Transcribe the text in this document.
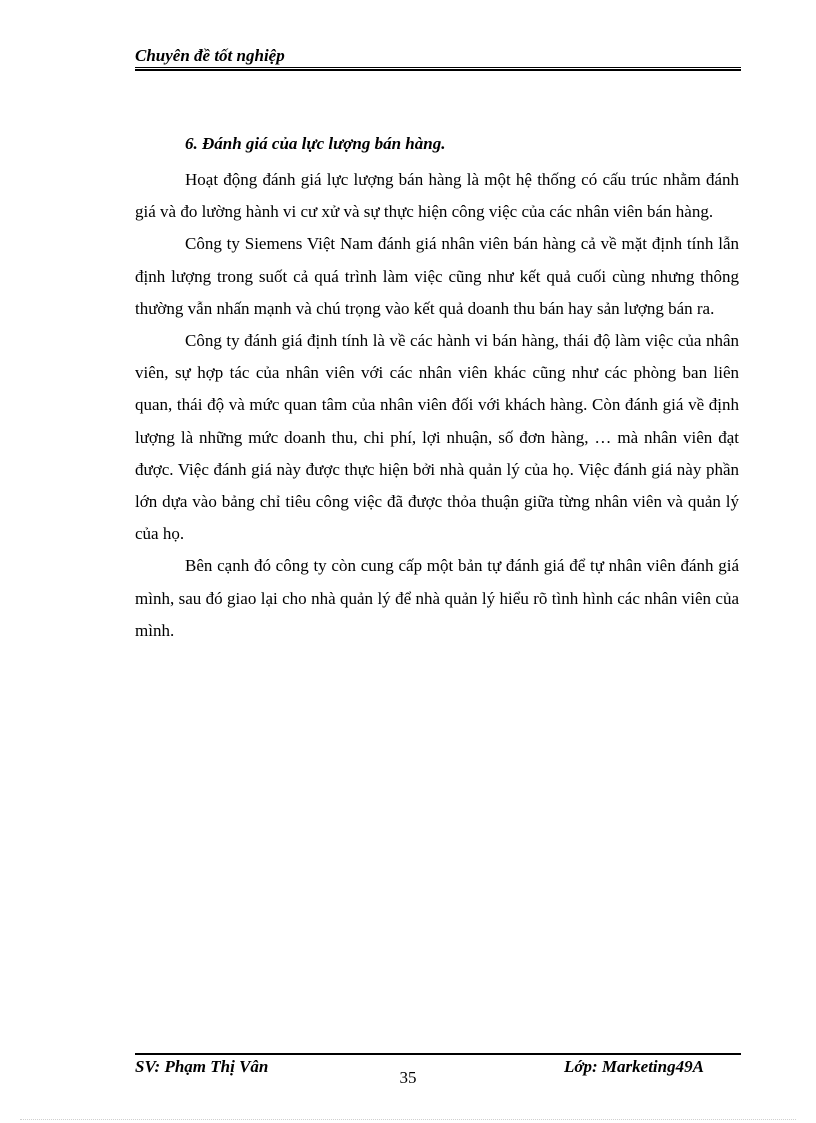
Chuyên đề tốt nghiệp
6. Đánh giá của lực lượng bán hàng.

Hoạt động đánh giá lực lượng bán hàng là một hệ thống có cấu trúc nhằm đánh giá và đo lường hành vi cư xử và sự thực hiện công việc của các nhân viên bán hàng.

Công ty Siemens Việt Nam đánh giá nhân viên bán hàng cả về mặt định tính lẫn định lượng trong suốt cả quá trình làm việc cũng như kết quả cuối cùng nhưng thông thường vẫn nhấn mạnh và chú trọng vào kết quả doanh thu bán hay sản lượng bán ra.

Công ty đánh giá định tính là về các hành vi bán hàng, thái độ làm việc của nhân viên, sự hợp tác của nhân viên với các nhân viên khác cũng như các phòng ban liên quan, thái độ và mức quan tâm của nhân viên đối với khách hàng. Còn đánh giá về định lượng là những mức doanh thu, chi phí, lợi nhuận, số đơn hàng, … mà nhân viên đạt được. Việc đánh giá này được thực hiện bởi nhà quản lý của họ. Việc đánh giá này phần lớn dựa vào bảng chỉ tiêu công việc đã được thỏa thuận giữa từng nhân viên và quản lý của họ.

Bên cạnh đó công ty còn cung cấp một bản tự đánh giá để tự nhân viên đánh giá mình, sau đó giao lại cho nhà quản lý để nhà quản lý hiểu rõ tình hình các nhân viên của mình.

SV: Phạm Thị Vân	Lớp: Marketing49A
35
